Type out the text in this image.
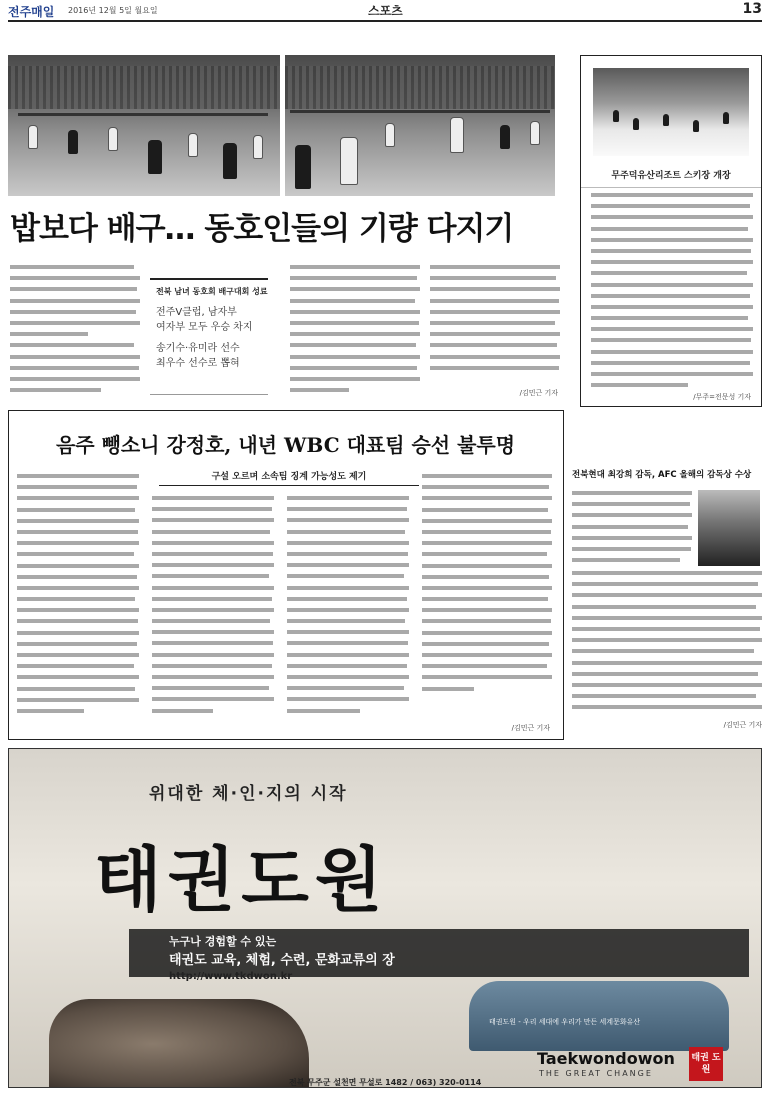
전주매일 2016년 12월 5일 월요일	스포츠	13
밥보다 배구… 동호인들의 기량 다지기
전북 남녀 동호회 배구대회 성료
전주V클럽, 남자부
여자부 모두 우승 차지
송기수·유미라 선수
최우수 선수로 뽑혀
/김민근 기자
무주덕유산리조트 스키장 개장
/무주=전문성 기자
음주 뺑소니 강정호, 내년 WBC 대표팀 승선 불투명
구설 오르며 소속팀 징계 가능성도 제기
/김민근 기자
전북현대 최강희 감독, AFC 올해의 감독상 수상
/김민근 기자
위대한 체·인·지의 시작
태권도원
누구나 경험할 수 있는
태권도 교육, 체험, 수련, 문화교류의 장
http://www.tkdwon.kr
태권도원 - 우리 세대에 우리가 만든 세계문화유산
Taekwondowon
THE GREAT CHANGE
태권 도원
전북 무주군 설천면 무설로 1482 / 063) 320-0114
